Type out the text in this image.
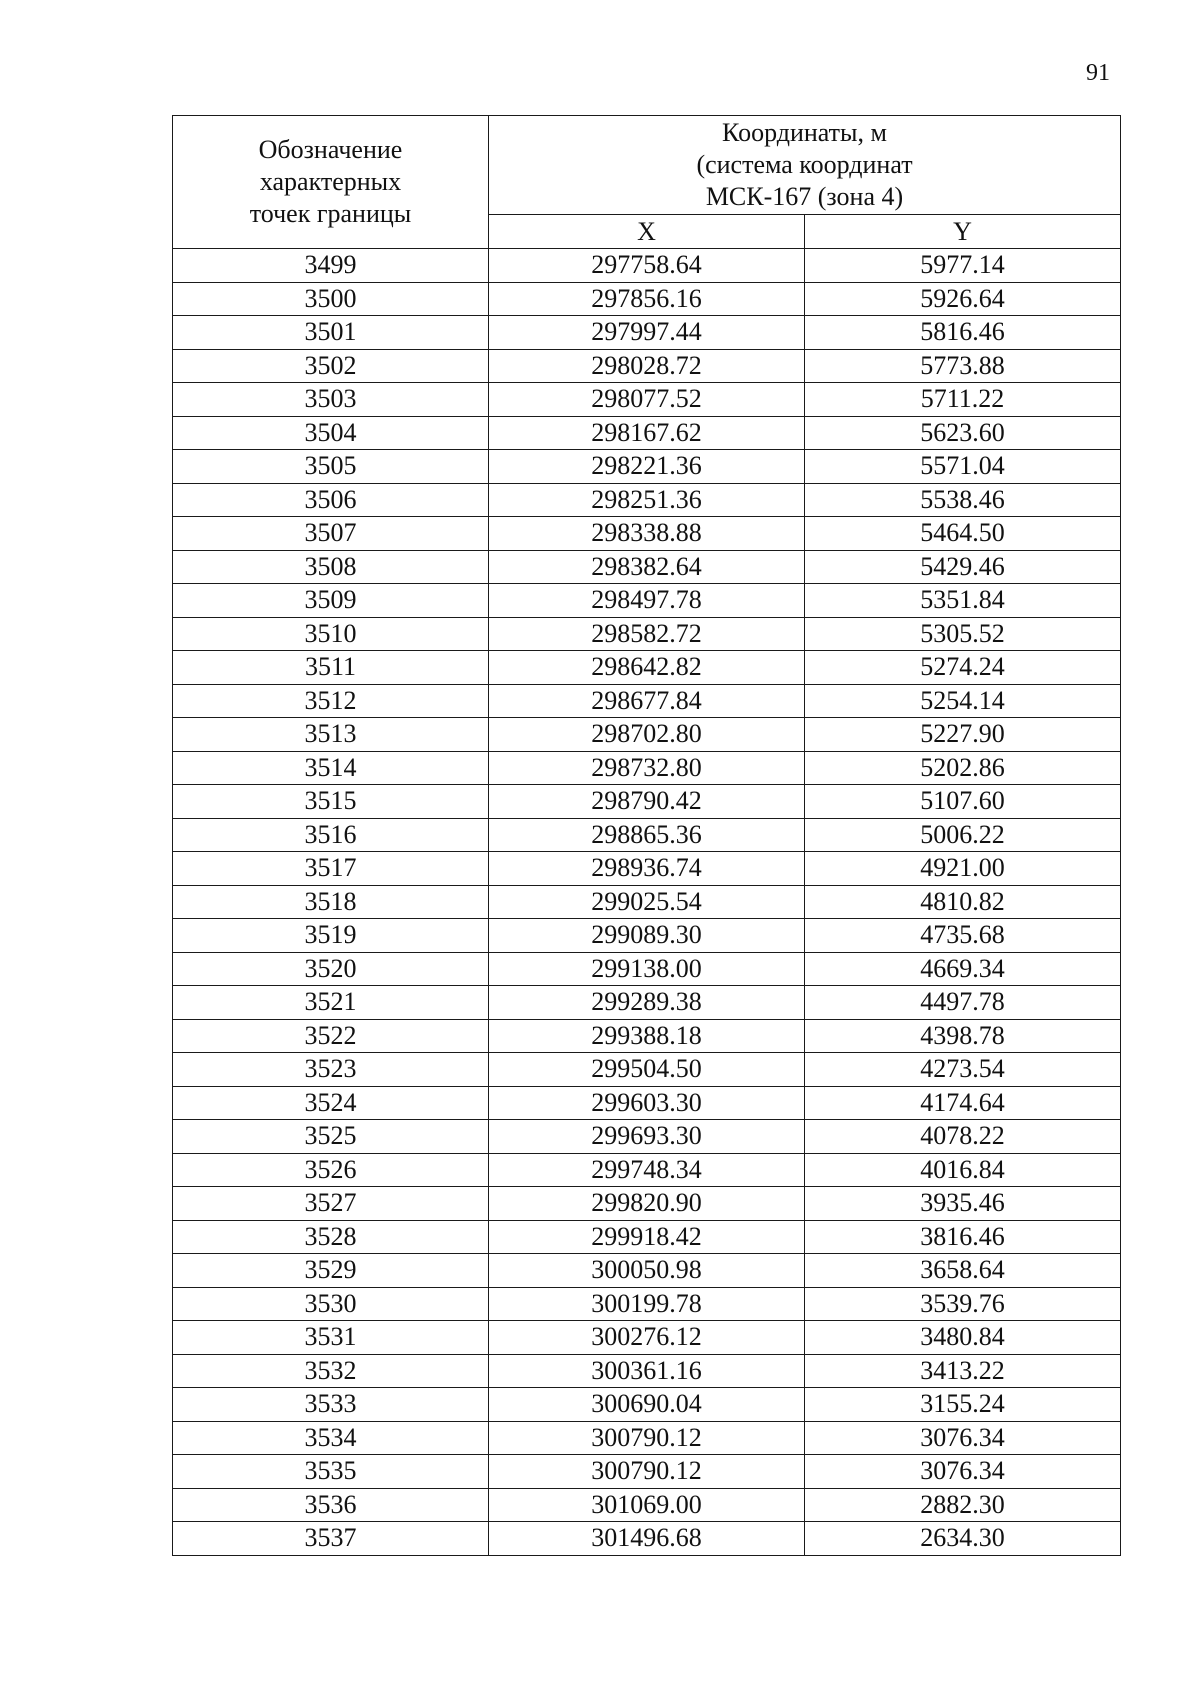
91
Обозначение
характерных
точек границы	Координаты, м
(система координат
МСК-167 (зона 4)	

	X	Y
3499	297758.64	5977.14
3500	297856.16	5926.64
3501	297997.44	5816.46
3502	298028.72	5773.88
3503	298077.52	5711.22
3504	298167.62	5623.60
3505	298221.36	5571.04
3506	298251.36	5538.46
3507	298338.88	5464.50
3508	298382.64	5429.46
3509	298497.78	5351.84
3510	298582.72	5305.52
3511	298642.82	5274.24
3512	298677.84	5254.14
3513	298702.80	5227.90
3514	298732.80	5202.86
3515	298790.42	5107.60
3516	298865.36	5006.22
3517	298936.74	4921.00
3518	299025.54	4810.82
3519	299089.30	4735.68
3520	299138.00	4669.34
3521	299289.38	4497.78
3522	299388.18	4398.78
3523	299504.50	4273.54
3524	299603.30	4174.64
3525	299693.30	4078.22
3526	299748.34	4016.84
3527	299820.90	3935.46
3528	299918.42	3816.46
3529	300050.98	3658.64
3530	300199.78	3539.76
3531	300276.12	3480.84
3532	300361.16	3413.22
3533	300690.04	3155.24
3534	300790.12	3076.34
3535	300790.12	3076.34
3536	301069.00	2882.30
3537	301496.68	2634.30
